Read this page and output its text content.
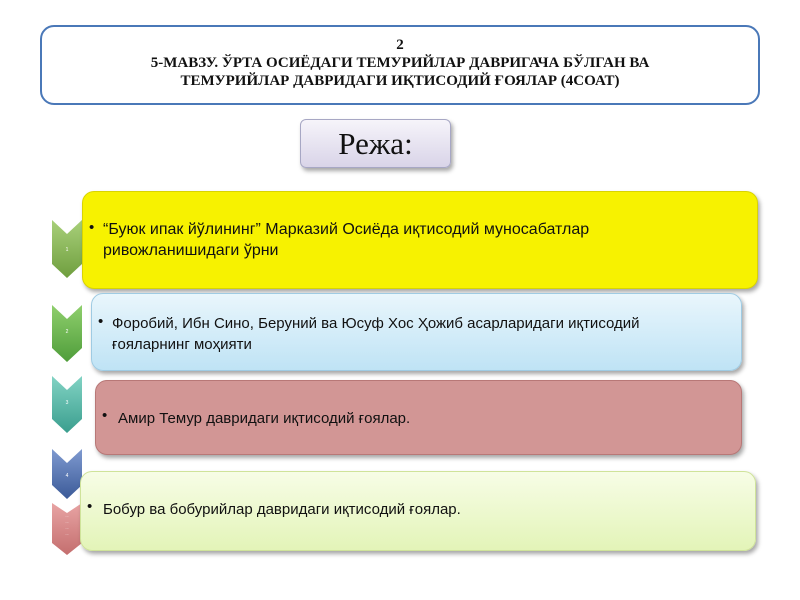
2
5-МАВЗУ. ЎРТА ОСИЁДАГИ ТЕМУРИЙЛАР ДАВРИГАЧА БЎЛГАН ВА
ТЕМУРИЙЛАР ДАВРИДАГИ ИҚТИСОДИЙ ҒОЯЛАР (4СОАТ)
Режа:
1
2
3
4
...
...
...
...
• “Буюк ипак йўлининг” Марказий Осиёда иқтисодий муносабатлар
ривожланишидаги ўрни
• Форобий, Ибн Сино, Беруний ва Юсуф Хос Ҳожиб асарларидаги иқтисодий
ғояларнинг моҳияти
• Амир Темур давридаги иқтисодий ғоялар.
• Бобур ва бобурийлар давридаги иқтисодий ғоялар.
